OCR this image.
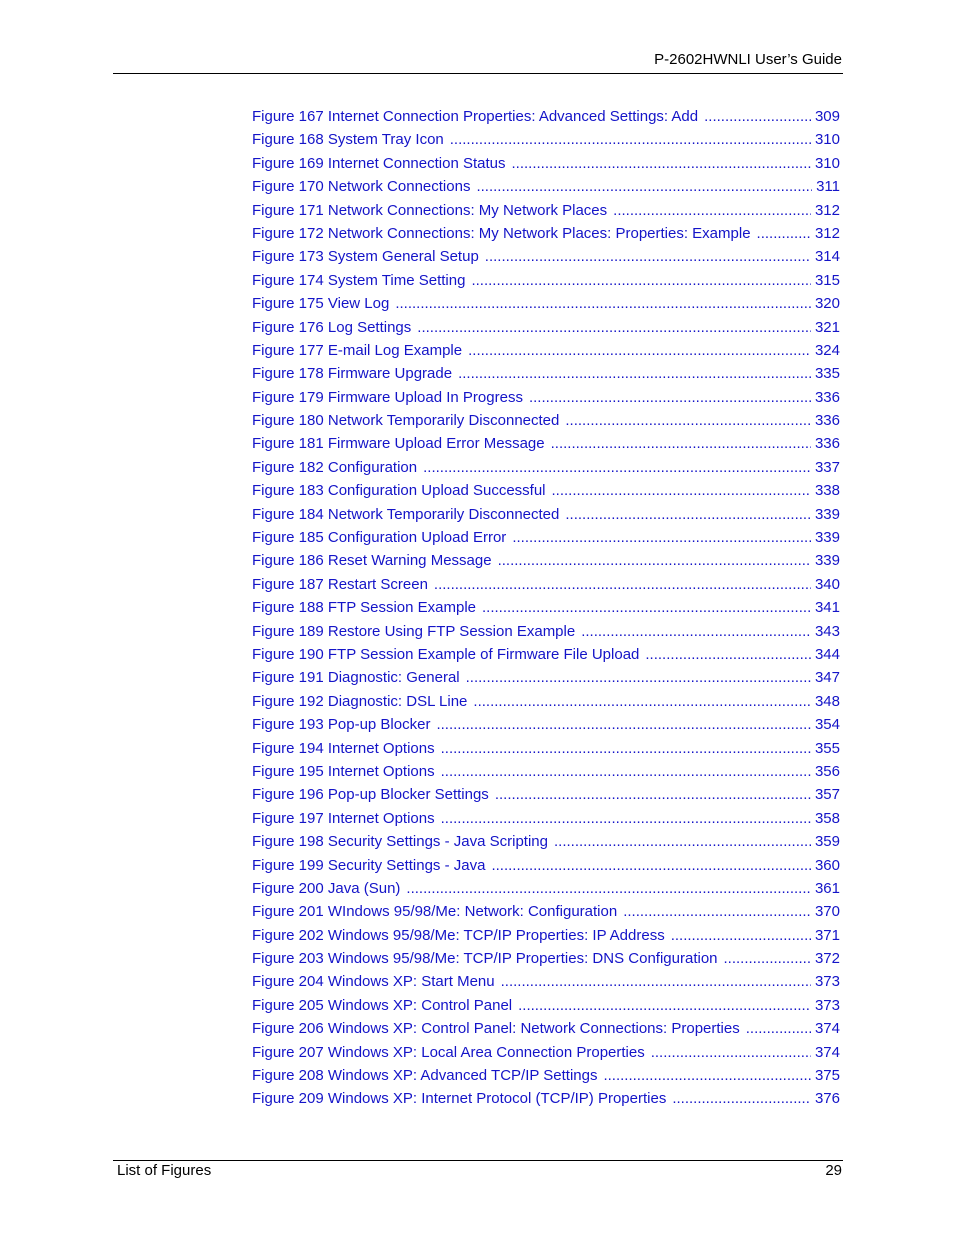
P-2602HWNLI User’s Guide
Figure 167 Internet Connection Properties: Advanced Settings: Add .....	309
Figure 168 System Tray Icon .....	310
Figure 169 Internet Connection Status .....	310
Figure 170 Network Connections .....	311
Figure 171 Network Connections: My Network Places .....	312
Figure 172 Network Connections: My Network Places: Properties: Example .....	312
Figure 173 System General Setup .....	314
Figure 174 System Time Setting .....	315
Figure 175 View Log .....	320
Figure 176 Log Settings .....	321
Figure 177 E-mail Log Example .....	324
Figure 178 Firmware Upgrade .....	335
Figure 179 Firmware Upload In Progress .....	336
Figure 180 Network Temporarily Disconnected .....	336
Figure 181 Firmware Upload Error Message .....	336
Figure 182 Configuration .....	337
Figure 183 Configuration Upload Successful .....	338
Figure 184 Network Temporarily Disconnected .....	339
Figure 185 Configuration Upload Error .....	339
Figure 186 Reset Warning Message .....	339
Figure 187 Restart Screen .....	340
Figure 188 FTP Session Example .....	341
Figure 189 Restore Using FTP Session Example .....	343
Figure 190 FTP Session Example of Firmware File Upload .....	344
Figure 191 Diagnostic: General .....	347
Figure 192 Diagnostic: DSL Line .....	348
Figure 193 Pop-up Blocker .....	354
Figure 194 Internet Options .....	355
Figure 195 Internet Options .....	356
Figure 196 Pop-up Blocker Settings .....	357
Figure 197 Internet Options .....	358
Figure 198 Security Settings - Java Scripting .....	359
Figure 199 Security Settings - Java .....	360
Figure 200 Java (Sun) .....	361
Figure 201 WIndows 95/98/Me: Network: Configuration .....	370
Figure 202 Windows 95/98/Me: TCP/IP Properties: IP Address .....	371
Figure 203 Windows 95/98/Me: TCP/IP Properties: DNS Configuration .....	372
Figure 204 Windows XP: Start Menu .....	373
Figure 205 Windows XP: Control Panel .....	373
Figure 206 Windows XP: Control Panel: Network Connections: Properties .....	374
Figure 207 Windows XP: Local Area Connection Properties .....	374
Figure 208 Windows XP: Advanced TCP/IP Settings .....	375
Figure 209 Windows XP: Internet Protocol (TCP/IP) Properties .....	376
List of Figures	29
